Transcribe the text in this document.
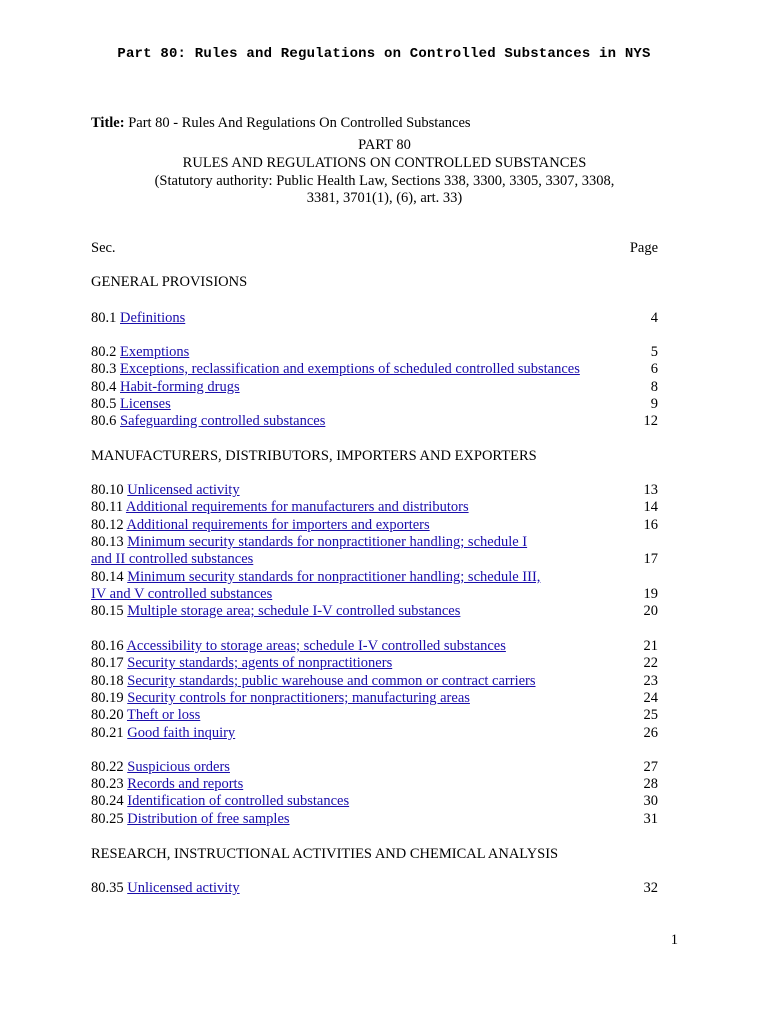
Part 80: Rules and Regulations on Controlled Substances in NYS
Title: Part 80 - Rules And Regulations On Controlled Substances
PART 80
RULES AND REGULATIONS ON CONTROLLED SUBSTANCES
(Statutory authority: Public Health Law, Sections 338, 3300, 3305, 3307, 3308,
3381, 3701(1), (6), art. 33)
Sec.	Page
GENERAL PROVISIONS
80.1 Definitions	4
80.2 Exemptions	5
80.3 Exceptions, reclassification and exemptions of scheduled controlled substances	6
80.4 Habit-forming drugs	8
80.5 Licenses	9
80.6 Safeguarding controlled substances	12
MANUFACTURERS, DISTRIBUTORS, IMPORTERS AND EXPORTERS
80.10 Unlicensed activity	13
80.11 Additional requirements for manufacturers and distributors	14
80.12 Additional requirements for importers and exporters	16
80.13 Minimum security standards for nonpractitioner handling; schedule I
and II controlled substances	17
80.14 Minimum security standards for nonpractitioner handling; schedule III,
IV and V controlled substances	19
80.15 Multiple storage area; schedule I-V controlled substances	20
80.16 Accessibility to storage areas; schedule I-V controlled substances	21
80.17 Security standards; agents of nonpractitioners	22
80.18 Security standards; public warehouse and common or contract carriers	23
80.19 Security controls for nonpractitioners; manufacturing areas	24
80.20 Theft or loss	25
80.21 Good faith inquiry	26
80.22 Suspicious orders	27
80.23 Records and reports	28
80.24 Identification of controlled substances	30
80.25 Distribution of free samples	31
RESEARCH, INSTRUCTIONAL ACTIVITIES AND CHEMICAL ANALYSIS
80.35 Unlicensed activity	32
1
